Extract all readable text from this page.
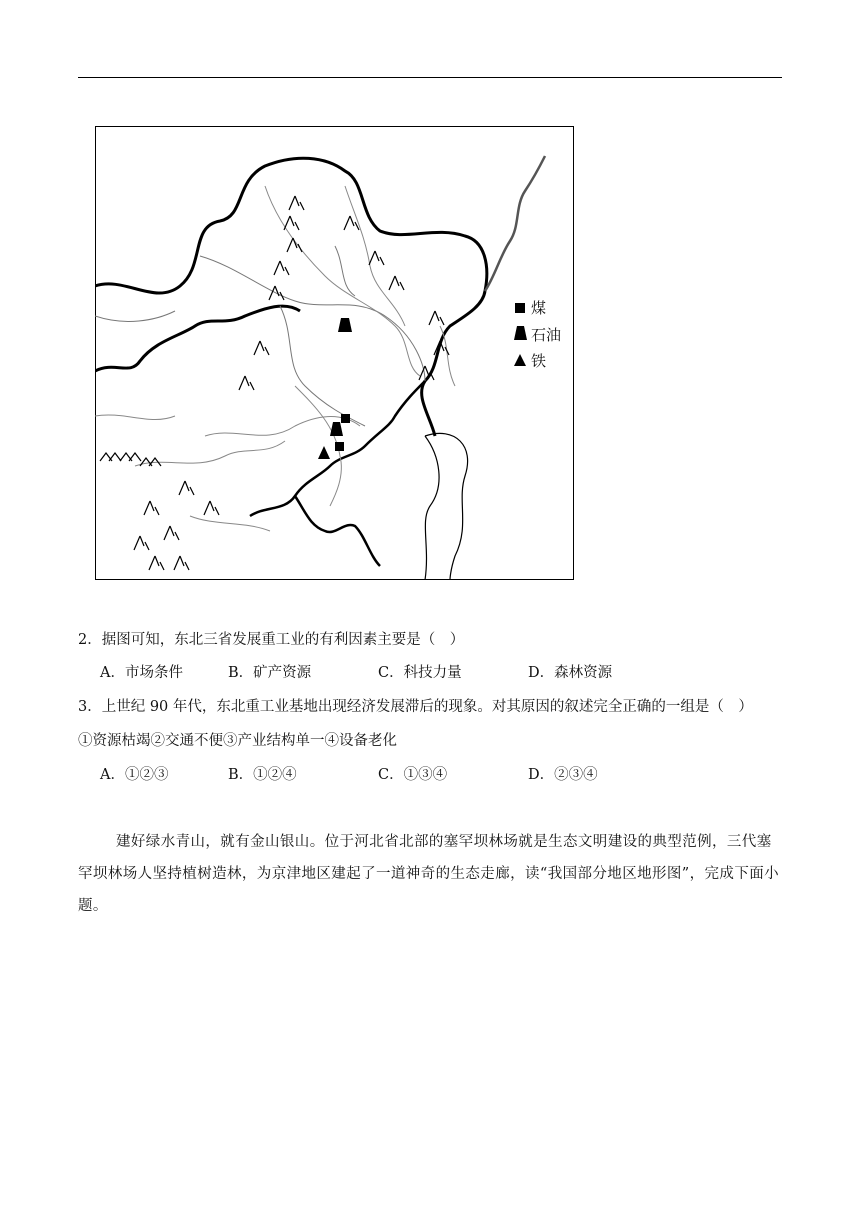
煤
石油
铁
2．据图可知，东北三省发展重工业的有利因素主要是（　）
A．市场条件	B．矿产资源	C．科技力量	D．森林资源
3．上世纪 90 年代，东北重工业基地出现经济发展滞后的现象。对其原因的叙述完全正确的一组是（　）
①资源枯竭②交通不便③产业结构单一④设备老化
A．①②③	B．①②④	C．①③④	D．②③④
建好绿水青山，就有金山银山。位于河北省北部的塞罕坝林场就是生态文明建设的典型范例，三代塞罕坝林场人坚持植树造林，为京津地区建起了一道神奇的生态走廊，读“我国部分地区地形图”，完成下面小题。
